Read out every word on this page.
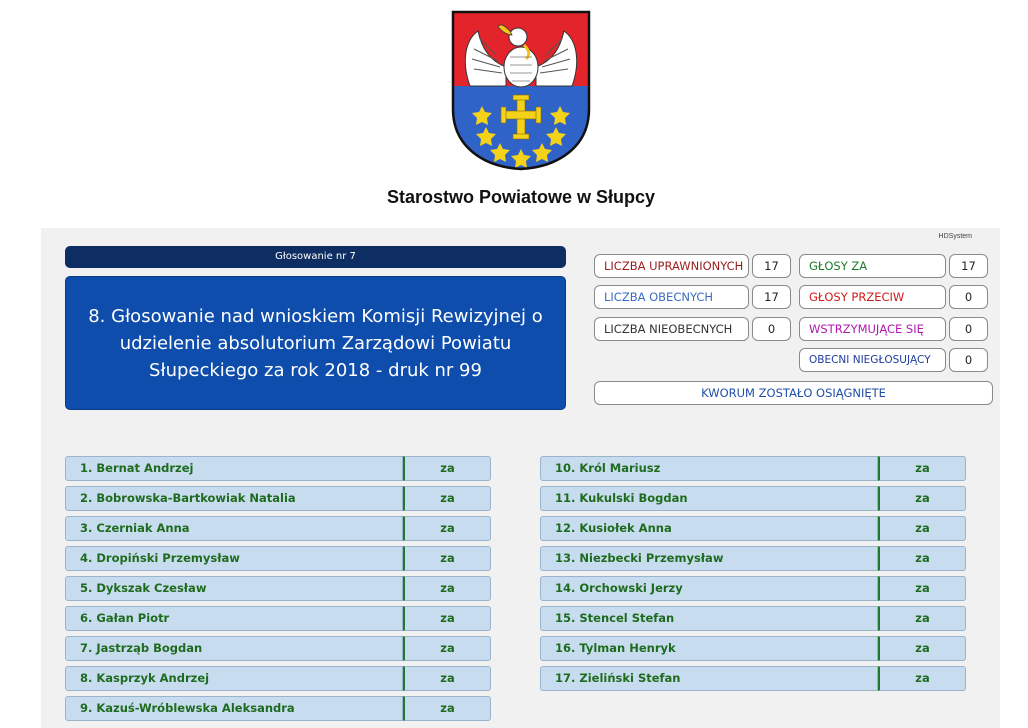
Starostwo Powiatowe w Słupcy
HDSystem
Głosowanie nr 7
8. Głosowanie nad wnioskiem Komisji Rewizyjnej o udzielenie absolutorium Zarządowi Powiatu Słupeckiego za rok 2018 - druk nr 99
LICZBA UPRAWNIONYCH	17
LICZBA OBECNYCH	17
LICZBA NIEOBECNYCH	0
GŁOSY ZA	17
GŁOSY PRZECIW	0
WSTRZYMUJĄCE SIĘ	0
OBECNI NIEGŁOSUJĄCY	0
KWORUM ZOSTAŁO OSIĄGNIĘTE
1. Bernat Andrzej	za
2. Bobrowska-Bartkowiak Natalia	za
3. Czerniak Anna	za
4. Dropiński Przemysław	za
5. Dykszak Czesław	za
6. Gałan Piotr	za
7. Jastrząb Bogdan	za
8. Kasprzyk Andrzej	za
9. Kazuś-Wróblewska Aleksandra	za
10. Król Mariusz	za
11. Kukulski Bogdan	za
12. Kusiołek Anna	za
13. Niezbecki Przemysław	za
14. Orchowski Jerzy	za
15. Stencel Stefan	za
16. Tylman Henryk	za
17. Zieliński Stefan	za
